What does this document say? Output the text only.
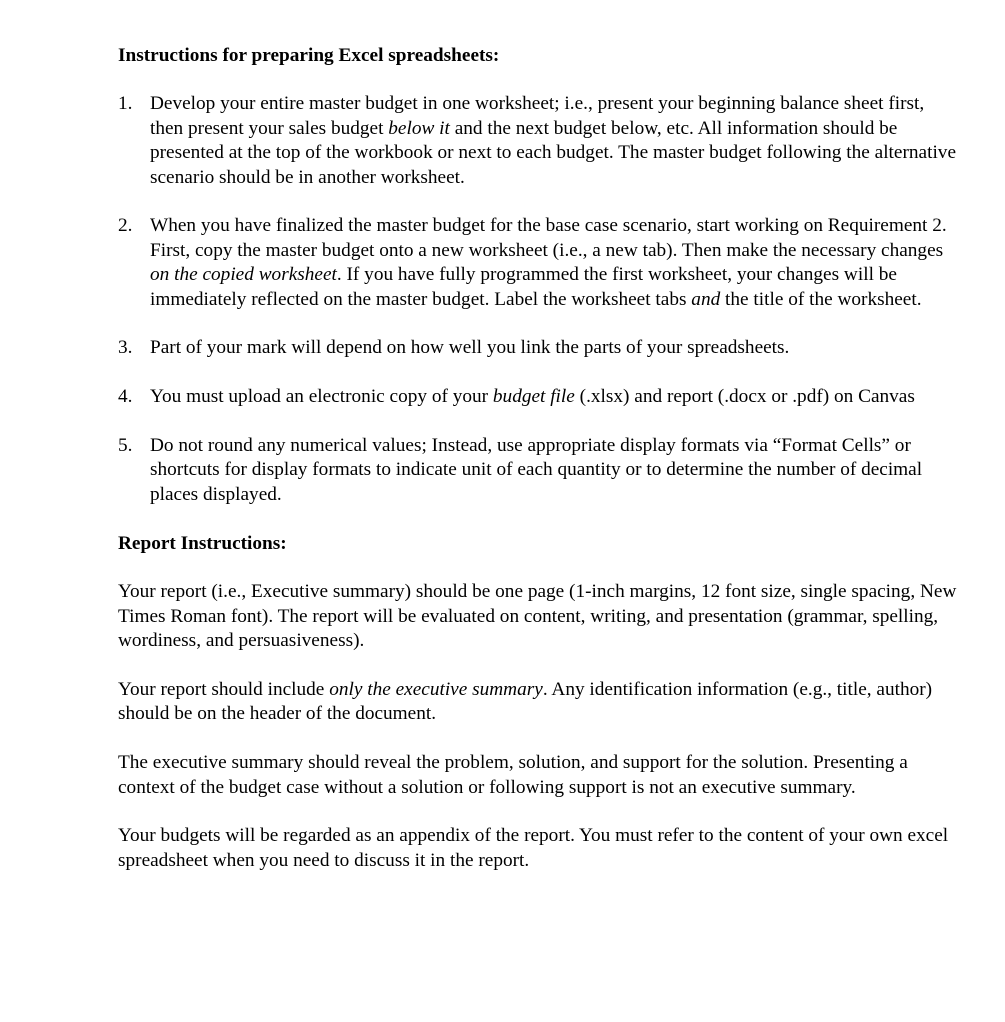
Instructions for preparing Excel spreadsheets:

1. Develop your entire master budget in one worksheet; i.e., present your beginning balance sheet first, then present your sales budget below it and the next budget below, etc. All information should be presented at the top of the workbook or next to each budget. The master budget following the alternative scenario should be in another worksheet.
2. When you have finalized the master budget for the base case scenario, start working on Requirement 2. First, copy the master budget onto a new worksheet (i.e., a new tab). Then make the necessary changes on the copied worksheet. If you have fully programmed the first worksheet, your changes will be immediately reflected on the master budget. Label the worksheet tabs and the title of the worksheet.
3. Part of your mark will depend on how well you link the parts of your spreadsheets.
4. You must upload an electronic copy of your budget file (.xlsx) and report (.docx or .pdf) on Canvas
5. Do not round any numerical values; Instead, use appropriate display formats via “Format Cells” or shortcuts for display formats to indicate unit of each quantity or to determine the number of decimal places displayed.

Report Instructions:

Your report (i.e., Executive summary) should be one page (1-inch margins, 12 font size, single spacing, New Times Roman font). The report will be evaluated on content, writing, and presentation (grammar, spelling, wordiness, and persuasiveness).

Your report should include only the executive summary. Any identification information (e.g., title, author) should be on the header of the document.

The executive summary should reveal the problem, solution, and support for the solution. Presenting a context of the budget case without a solution or following support is not an executive summary.

Your budgets will be regarded as an appendix of the report. You must refer to the content of your own excel spreadsheet when you need to discuss it in the report.
